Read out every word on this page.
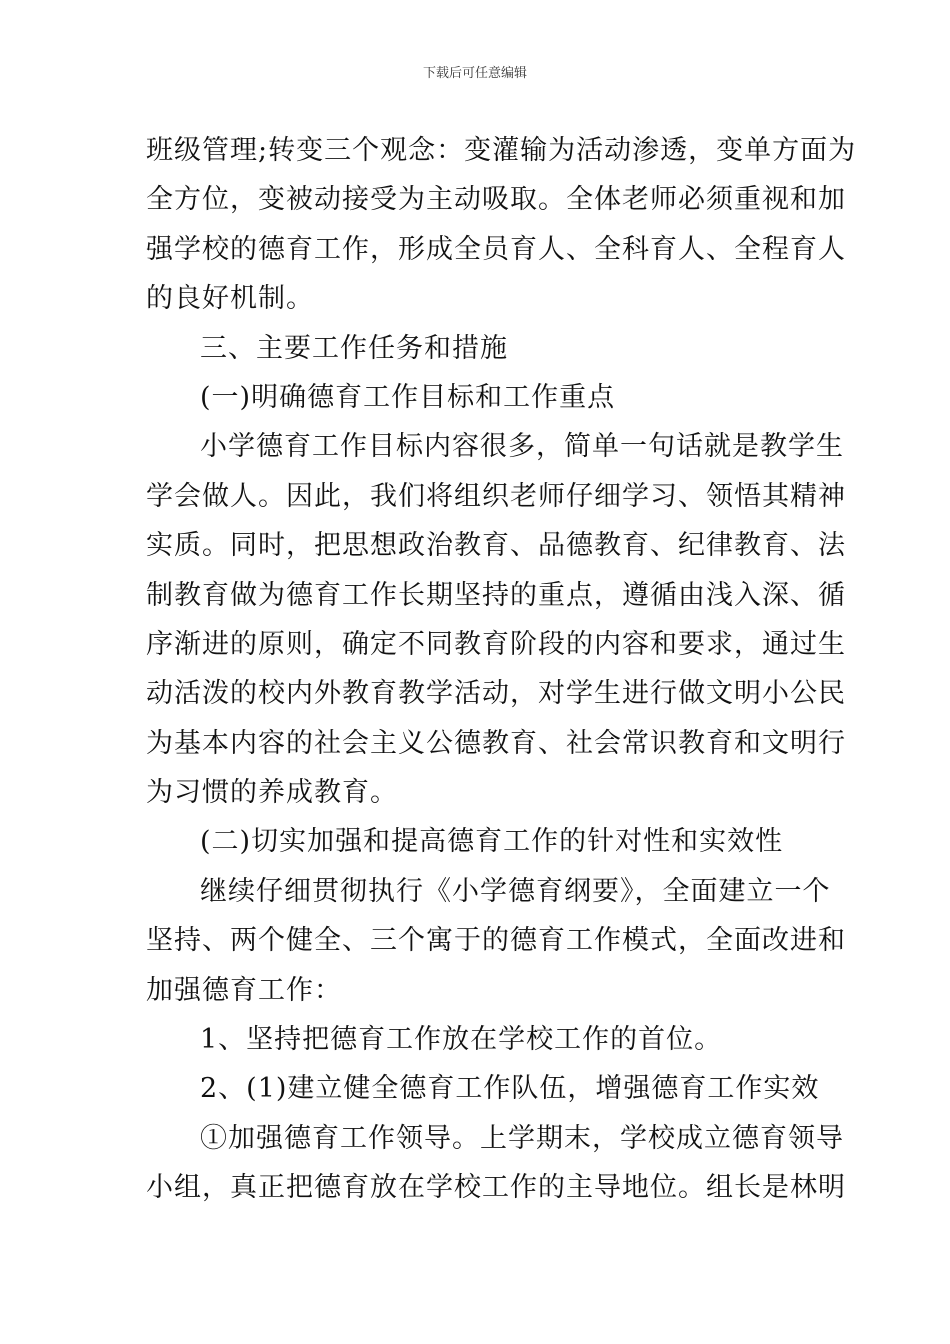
下载后可任意编辑
班级管理;转变三个观念：变灌输为活动渗透，变单方面为
全方位，变被动接受为主动吸取。全体老师必须重视和加
强学校的德育工作，形成全员育人、全科育人、全程育人
的良好机制。
三、主要工作任务和措施
(一)明确德育工作目标和工作重点
小学德育工作目标内容很多，简单一句话就是教学生
学会做人。因此，我们将组织老师仔细学习、领悟其精神
实质。同时，把思想政治教育、品德教育、纪律教育、法
制教育做为德育工作长期坚持的重点，遵循由浅入深、循
序渐进的原则，确定不同教育阶段的内容和要求，通过生
动活泼的校内外教育教学活动，对学生进行做文明小公民
为基本内容的社会主义公德教育、社会常识教育和文明行
为习惯的养成教育。
(二)切实加强和提高德育工作的针对性和实效性
继续仔细贯彻执行《小学德育纲要》，全面建立一个
坚持、两个健全、三个寓于的德育工作模式，全面改进和
加强德育工作：
1、坚持把德育工作放在学校工作的首位。
2、(1)建立健全德育工作队伍，增强德育工作实效
①加强德育工作领导。上学期末，学校成立德育领导
小组，真正把德育放在学校工作的主导地位。组长是林明
